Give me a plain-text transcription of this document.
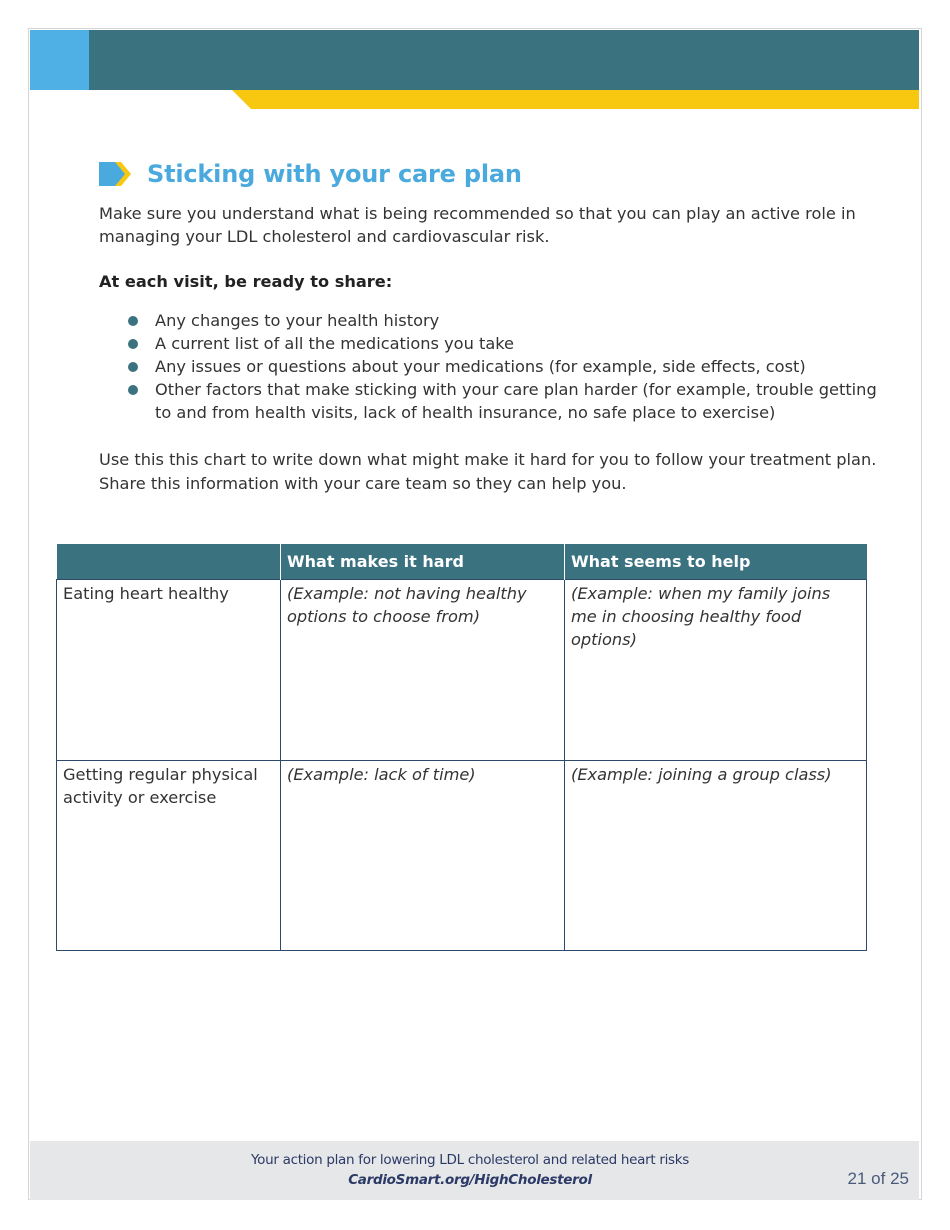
Sticking with your care plan

Make sure you understand what is being recommended so that you can play an active role in managing your LDL cholesterol and cardiovascular risk.

At each visit, be ready to share:

Any changes to your health history
A current list of all the medications you take
Any issues or questions about your medications (for example, side effects, cost)
Other factors that make sticking with your care plan harder (for example, trouble getting to and from health visits, lack of health insurance, no safe place to exercise)

Use this this chart to write down what might make it hard for you to follow your treatment plan. Share this information with your care team so they can help you.

	What makes it hard	What seems to help
Eating heart healthy	(Example: not having healthy options to choose from)	(Example: when my family joins me in choosing healthy food options)
Getting regular physical activity or exercise	(Example: lack of time)	(Example: joining a group class)
Your action plan for lowering LDL cholesterol and related heart risks
CardioSmart.org/HighCholesterol	21 of 25
